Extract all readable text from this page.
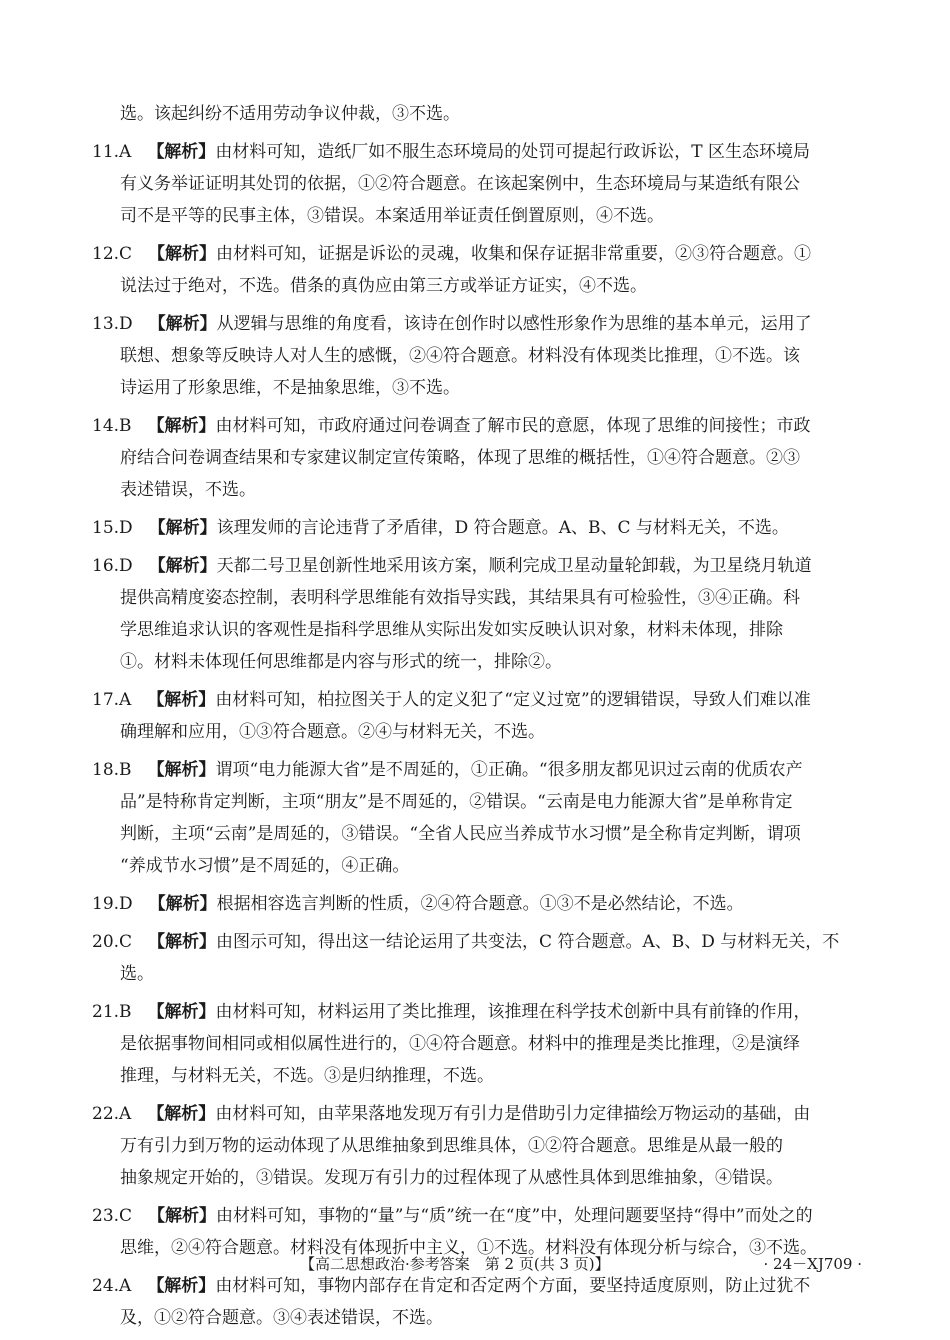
选。该起纠纷不适用劳动争议仲裁，③不选。
11.A 【解析】由材料可知，造纸厂如不服生态环境局的处罚可提起行政诉讼，T 区生态环境局
有义务举证证明其处罚的依据，①②符合题意。在该起案例中，生态环境局与某造纸有限公
司不是平等的民事主体，③错误。本案适用举证责任倒置原则，④不选。
12.C 【解析】由材料可知，证据是诉讼的灵魂，收集和保存证据非常重要，②③符合题意。①
说法过于绝对，不选。借条的真伪应由第三方或举证方证实，④不选。
13.D 【解析】从逻辑与思维的角度看，该诗在创作时以感性形象作为思维的基本单元，运用了
联想、想象等反映诗人对人生的感慨，②④符合题意。材料没有体现类比推理，①不选。该
诗运用了形象思维，不是抽象思维，③不选。
14.B 【解析】由材料可知，市政府通过问卷调查了解市民的意愿，体现了思维的间接性；市政
府结合问卷调查结果和专家建议制定宣传策略，体现了思维的概括性，①④符合题意。②③
表述错误，不选。
15.D 【解析】该理发师的言论违背了矛盾律，D 符合题意。A、B、C 与材料无关，不选。
16.D 【解析】天都二号卫星创新性地采用该方案，顺利完成卫星动量轮卸载，为卫星绕月轨道
提供高精度姿态控制，表明科学思维能有效指导实践，其结果具有可检验性，③④正确。科
学思维追求认识的客观性是指科学思维从实际出发如实反映认识对象，材料未体现，排除
①。材料未体现任何思维都是内容与形式的统一，排除②。
17.A 【解析】由材料可知，柏拉图关于人的定义犯了“定义过宽”的逻辑错误，导致人们难以准
确理解和应用，①③符合题意。②④与材料无关，不选。
18.B 【解析】谓项“电力能源大省”是不周延的，①正确。“很多朋友都见识过云南的优质农产
品”是特称肯定判断，主项“朋友”是不周延的，②错误。“云南是电力能源大省”是单称肯定
判断，主项“云南”是周延的，③错误。“全省人民应当养成节水习惯”是全称肯定判断，谓项
“养成节水习惯”是不周延的，④正确。
19.D 【解析】根据相容选言判断的性质，②④符合题意。①③不是必然结论，不选。
20.C 【解析】由图示可知，得出这一结论运用了共变法，C 符合题意。A、B、D 与材料无关，不
选。
21.B 【解析】由材料可知，材料运用了类比推理，该推理在科学技术创新中具有前锋的作用，
是依据事物间相同或相似属性进行的，①④符合题意。材料中的推理是类比推理，②是演绎
推理，与材料无关，不选。③是归纳推理，不选。
22.A 【解析】由材料可知，由苹果落地发现万有引力是借助引力定律描绘万物运动的基础，由
万有引力到万物的运动体现了从思维抽象到思维具体，①②符合题意。思维是从最一般的
抽象规定开始的，③错误。发现万有引力的过程体现了从感性具体到思维抽象，④错误。
23.C 【解析】由材料可知，事物的“量”与“质”统一在“度”中，处理问题要坚持“得中”而处之的
思维，②④符合题意。材料没有体现折中主义，①不选。材料没有体现分析与综合，③不选。
24.A 【解析】由材料可知，事物内部存在肯定和否定两个方面，要坚持适度原则，防止过犹不
及，①②符合题意。③④表述错误，不选。
【高二思想政治·参考答案　第 2 页(共 3 页)】	· 24－XJ709 ·
